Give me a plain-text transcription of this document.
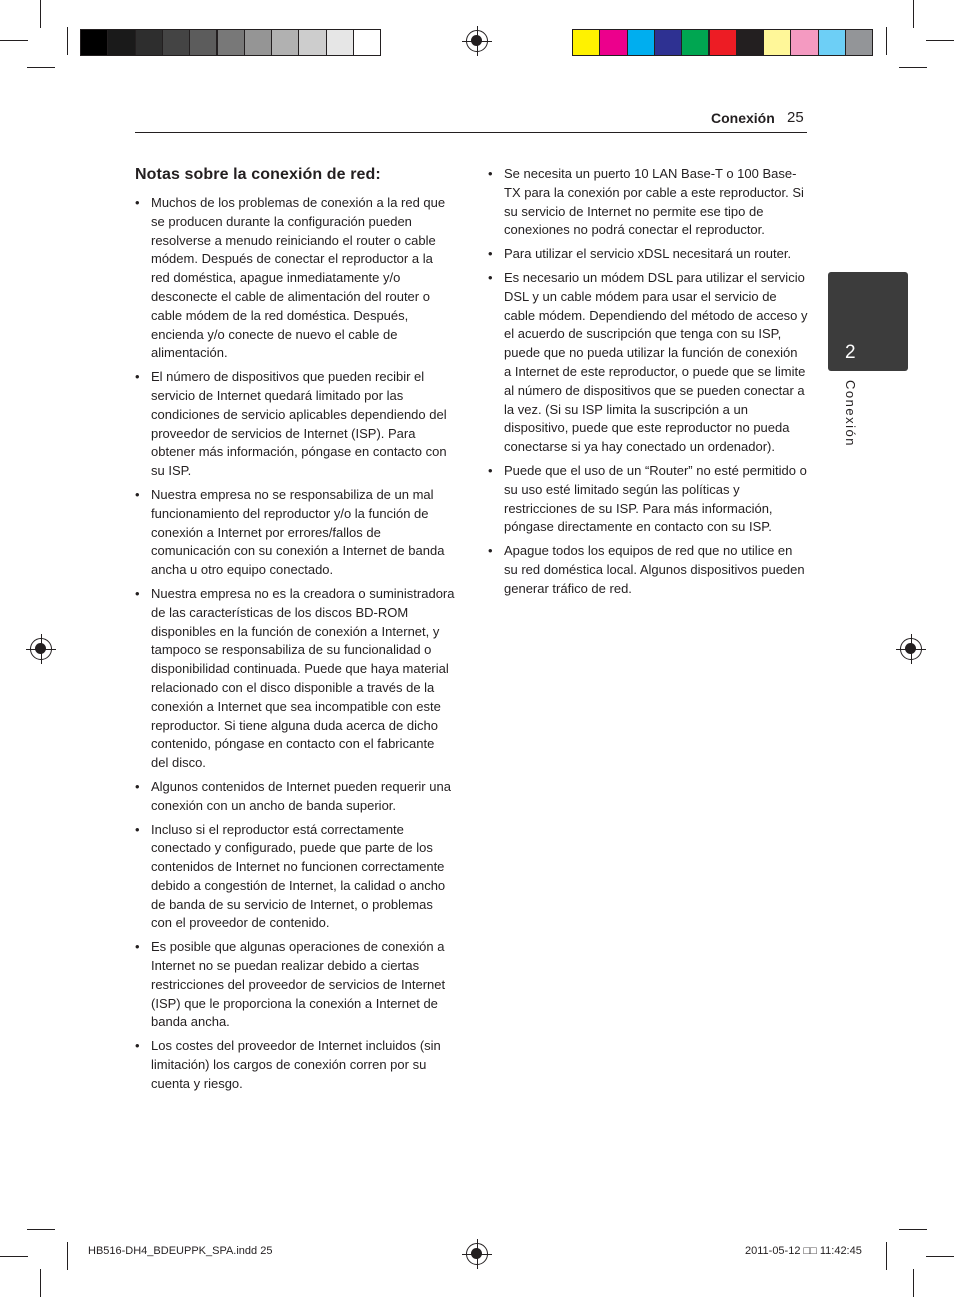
Conexión 25
2
Conexión
Notas sobre la conexión de red:
• Muchos de los problemas de conexión a la red que se producen durante la configuración pueden resolverse a menudo reiniciando el router o cable módem. Después de conectar el reproductor a la red doméstica, apague inmediatamente y/o desconecte el cable de alimentación del router o cable módem de la red doméstica. Después, encienda y/o conecte de nuevo el cable de alimentación.
• El número de dispositivos que pueden recibir el servicio de Internet quedará limitado por las condiciones de servicio aplicables dependiendo del proveedor de servicios de Internet (ISP). Para obtener más información, póngase en contacto con su ISP.
• Nuestra empresa no se responsabiliza de un mal funcionamiento del reproductor y/o la función de conexión a Internet por errores/fallos de comunicación con su conexión a Internet de banda ancha u otro equipo conectado.
• Nuestra empresa no es la creadora o suministradora de las características de los discos BD-ROM disponibles en la función de conexión a Internet, y tampoco se responsabiliza de su funcionalidad o disponibilidad continuada. Puede que haya material relacionado con el disco disponible a través de la conexión a Internet que sea incompatible con este reproductor. Si tiene alguna duda acerca de dicho contenido, póngase en contacto con el fabricante del disco.
• Algunos contenidos de Internet pueden requerir una conexión con un ancho de banda superior.
• Incluso si el reproductor está correctamente conectado y configurado, puede que parte de los contenidos de Internet no funcionen correctamente debido a congestión de Internet, la calidad o ancho de banda de su servicio de Internet, o problemas con el proveedor de contenido.
• Es posible que algunas operaciones de conexión a Internet no se puedan realizar debido a ciertas restricciones del proveedor de servicios de Internet (ISP) que le proporciona la conexión a Internet de banda ancha.
• Los costes del proveedor de Internet incluidos (sin limitación) los cargos de conexión corren por su cuenta y riesgo.
• Se necesita un puerto 10 LAN Base-T o 100 Base-TX para la conexión por cable a este reproductor. Si su servicio de Internet no permite ese tipo de conexiones no podrá conectar el reproductor.
• Para utilizar el servicio xDSL necesitará un router.
• Es necesario un módem DSL para utilizar el servicio DSL y un cable módem para usar el servicio de cable módem. Dependiendo del método de acceso y el acuerdo de suscripción que tenga con su ISP, puede que no pueda utilizar la función de conexión a Internet de este reproductor, o puede que se limite al número de dispositivos que se pueden conectar a la vez. (Si su ISP limita la suscripción a un dispositivo, puede que este reproductor no pueda conectarse si ya hay conectado un ordenador).
• Puede que el uso de un “Router” no esté permitido o su uso esté limitado según las políticas y restricciones de su ISP. Para más información, póngase directamente en contacto con su ISP.
• Apague todos los equipos de red que no utilice en su red doméstica local. Algunos dispositivos pueden generar tráfico de red.
HB516-DH4_BDEUPPK_SPA.indd 25	2011-05-12 □□ 11:42:45
